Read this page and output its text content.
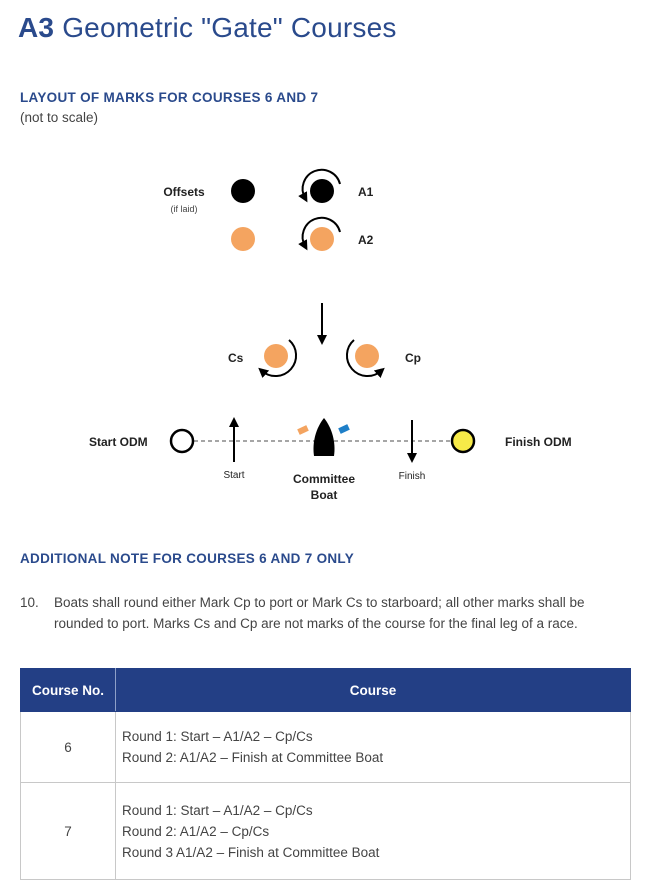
A3 Geometric "Gate" Courses
LAYOUT OF MARKS FOR COURSES 6 AND 7
(not to scale)
Offsets
(if laid)
A1
A2
Cs	Cp
Start ODM	Finish ODM
Start	Finish
Committee
Boat
ADDITIONAL NOTE FOR COURSES 6 AND 7 ONLY
10. Boats shall round either Mark Cp to port or Mark Cs to starboard; all other marks shall be
rounded to port. Marks Cs and Cp are not marks of the course for the final leg of a race.
Course No.	Course
6	Round 1: Start – A1/A2 – Cp/Cs
Round 2: A1/A2 – Finish at Committee Boat

7	Round 1: Start – A1/A2 – Cp/Cs
Round 2: A1/A2 – Cp/Cs
Round 3 A1/A2 – Finish at Committee Boat
